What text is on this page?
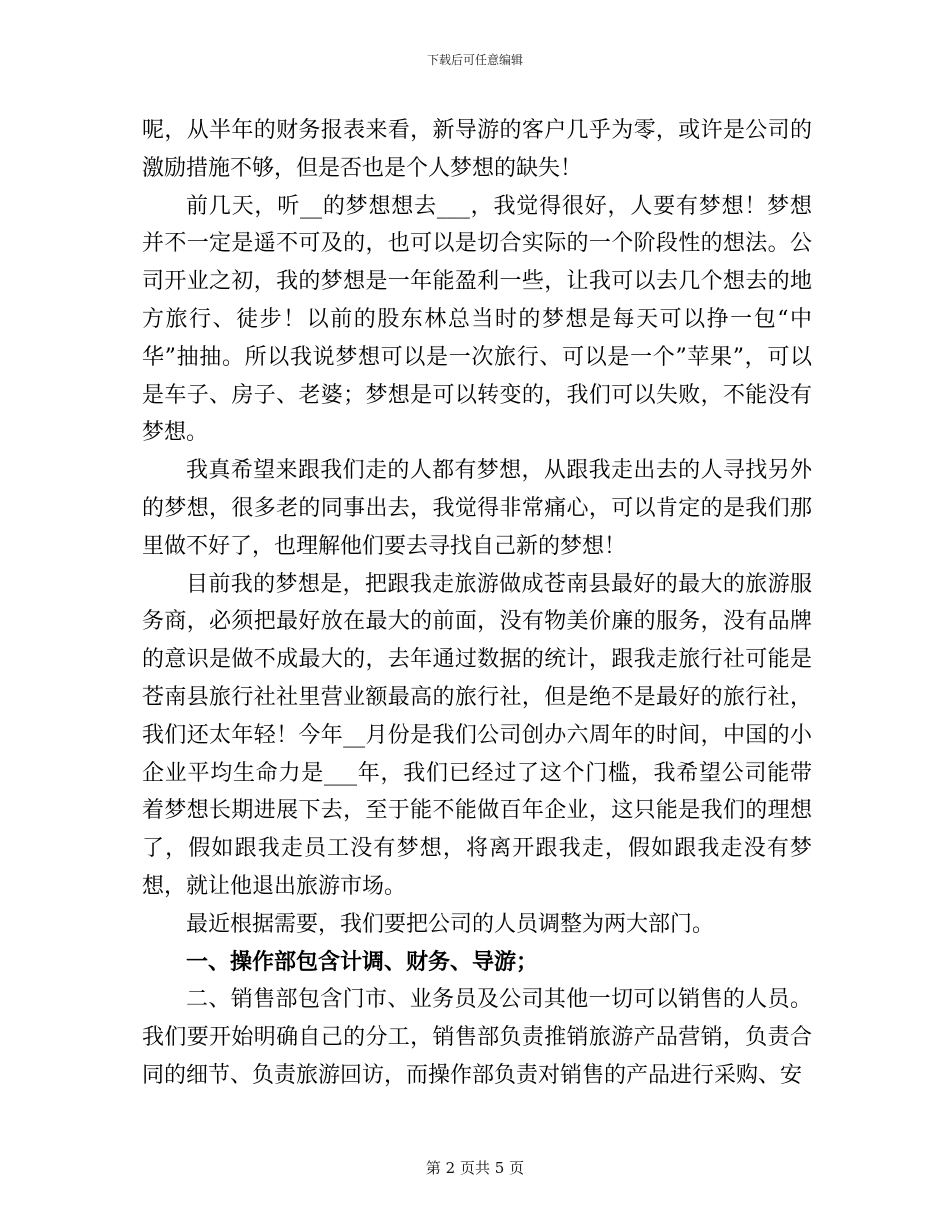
下载后可任意编辑

呢，从半年的财务报表来看，新导游的客户几乎为零，或许是公司的激励措施不够，但是否也是个人梦想的缺失！

前几天，听__的梦想想去___，我觉得很好，人要有梦想！梦想并不一定是遥不可及的，也可以是切合实际的一个阶段性的想法。公司开业之初，我的梦想是一年能盈利一些，让我可以去几个想去的地方旅行、徒步！以前的股东林总当时的梦想是每天可以挣一包“中华”抽抽。所以我说梦想可以是一次旅行、可以是一个”苹果”，可以是车子、房子、老婆；梦想是可以转变的，我们可以失败，不能没有梦想。

我真希望来跟我们走的人都有梦想，从跟我走出去的人寻找另外的梦想，很多老的同事出去，我觉得非常痛心，可以肯定的是我们那里做不好了，也理解他们要去寻找自己新的梦想！

目前我的梦想是，把跟我走旅游做成苍南县最好的最大的旅游服务商，必须把最好放在最大的前面，没有物美价廉的服务，没有品牌的意识是做不成最大的，去年通过数据的统计，跟我走旅行社可能是苍南县旅行社社里营业额最高的旅行社，但是绝不是最好的旅行社，我们还太年轻！今年__月份是我们公司创办六周年的时间，中国的小企业平均生命力是___年，我们已经过了这个门槛，我希望公司能带着梦想长期进展下去，至于能不能做百年企业，这只能是我们的理想了，假如跟我走员工没有梦想，将离开跟我走，假如跟我走没有梦想，就让他退出旅游市场。

最近根据需要，我们要把公司的人员调整为两大部门。

一、操作部包含计调、财务、导游；

二、销售部包含门市、业务员及公司其他一切可以销售的人员。我们要开始明确自己的分工，销售部负责推销旅游产品营销，负责合同的细节、负责旅游回访，而操作部负责对销售的产品进行采购、安

第 2 页共 5 页
